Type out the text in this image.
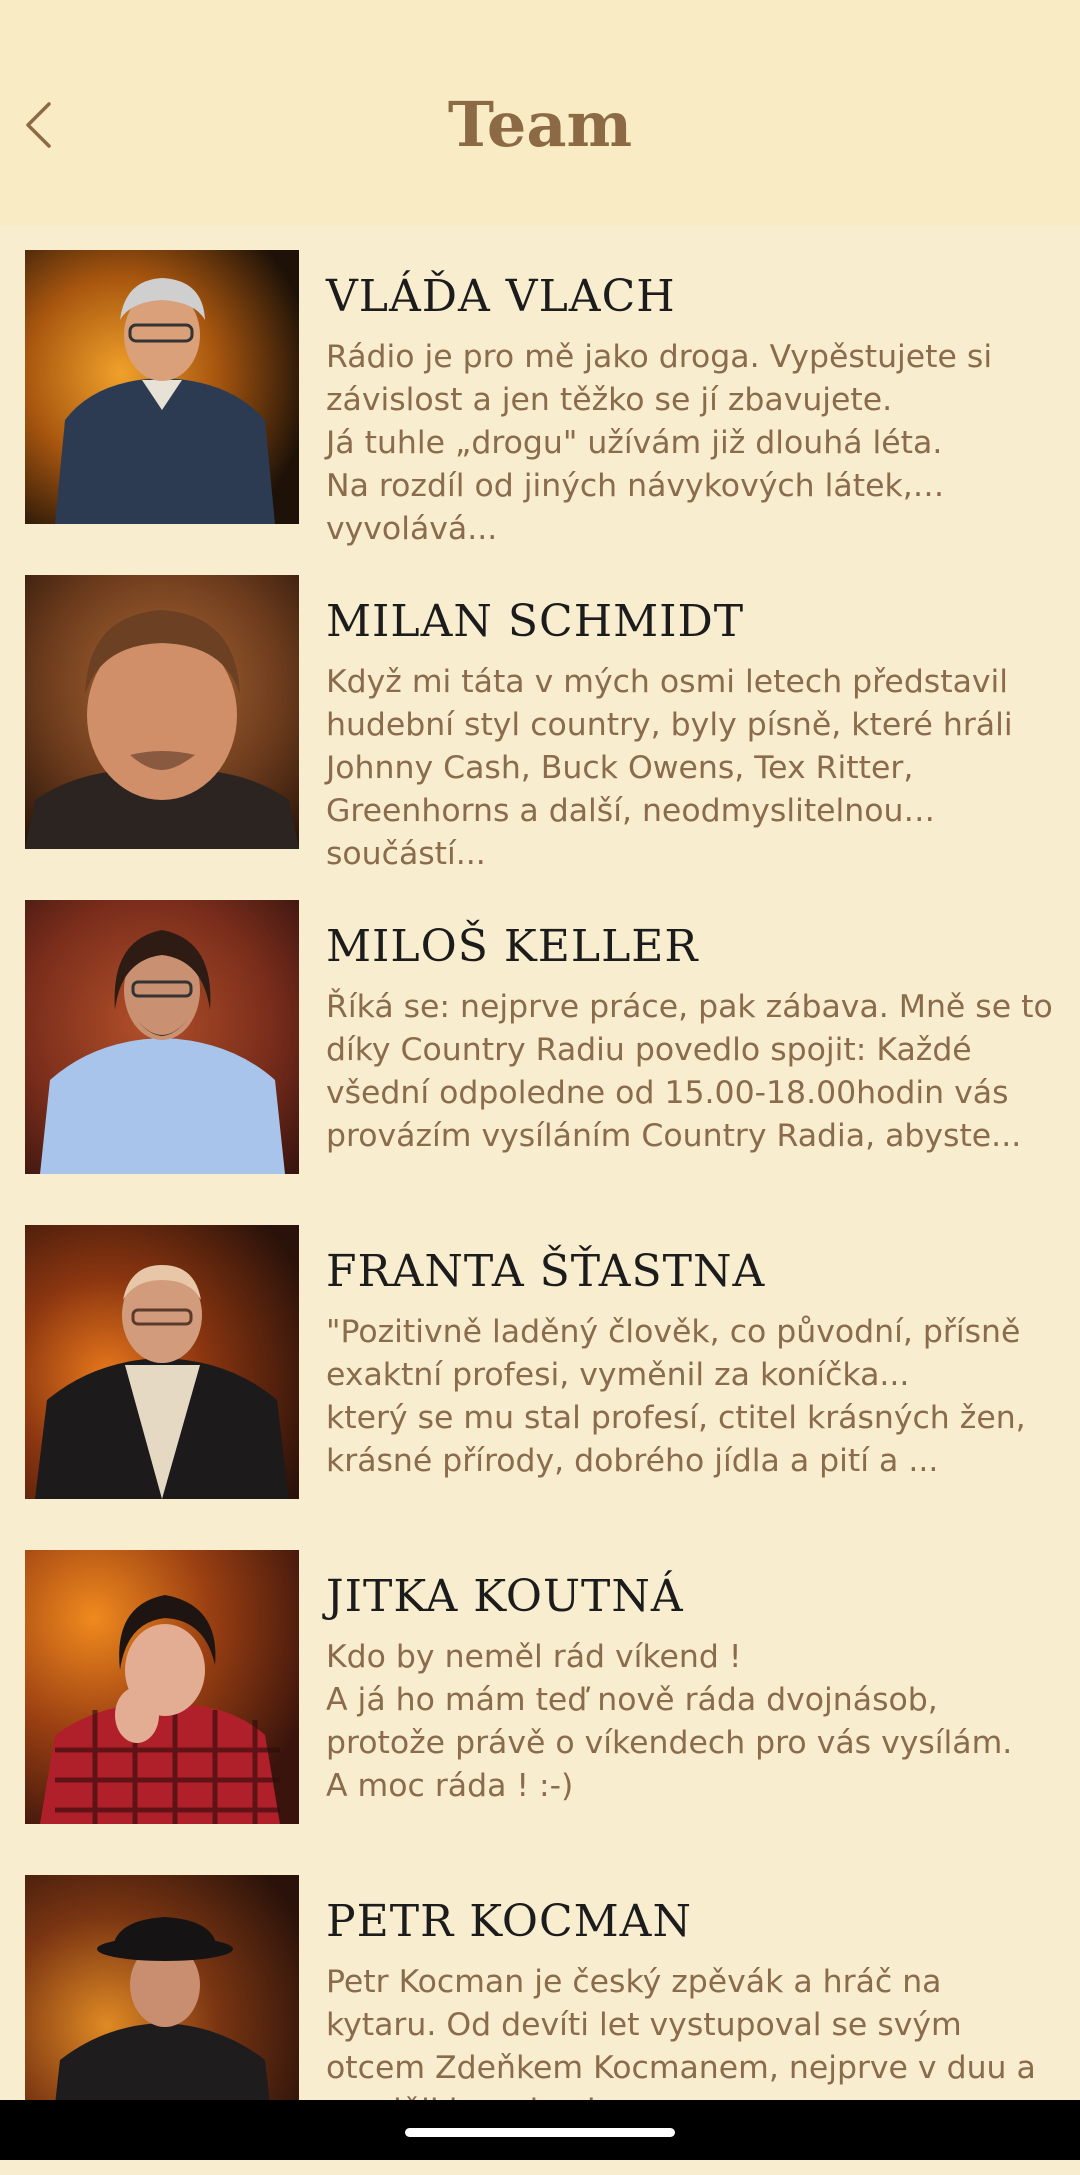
Team
VLÁĎA VLACH
Rádio je pro mě jako droga. Vypěstujete si závislost a jen těžko se jí zbavujete.
Já tuhle „drogu" užívám již dlouhá léta.
Na rozdíl od jiných návykových látek, vyvolává...
MILAN SCHMIDT
Když mi táta v mých osmi letech představil hudební styl country, byly písně, které hráli Johnny Cash, Buck Owens, Tex Ritter, Greenhorns a další, neodmyslitelnou součástí...
MILOŠ KELLER
Říká se: nejprve práce, pak zábava. Mně se to díky Country Radiu povedlo spojit: Každé všední odpoledne od 15.00-18.00hodin vás provázím vysíláním Country Radia, abyste...
FRANTA ŠŤASTNA
"Pozitivně laděný člověk, co původní, přísně exaktní profesi, vyměnil za koníčka...
který se mu stal profesí, ctitel krásných žen, krásné přírody, dobrého jídla a pití a ...
JITKA KOUTNÁ
Kdo by neměl rád víkend !
A já ho mám teď nově ráda dvojnásob, protože právě o víkendech pro vás vysílám.
A moc ráda ! :-)
PETR KOCMAN
Petr Kocman je český zpěvák a hráč na kytaru. Od devíti let vystupoval se svým otcem Zdeňkem Kocmanem, nejprve v duu a
